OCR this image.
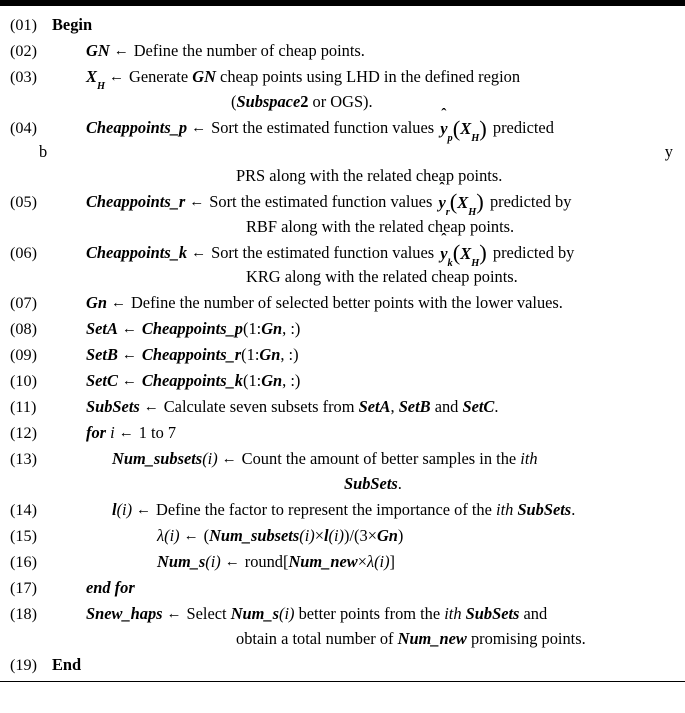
(01) Begin
(02)	GN ← Define the number of cheap points.
(03)	$X_H\leftarrow$ Generate GN cheap points using LHD in the defined region
(Subspace2 or OGS).
(04)	Cheappoints_p ← Sort the estimated function values
ˆ
$y_p(X_H)$ predicted
b	y
PRS along with the related cheap points.
(05)	Cheappoints_r ← Sort the estimated function values
ˆ
$y_r(X_H)$ predicted by
RBF along with the related cheap points.
(06)	Cheappoints_k ← Sort the estimated function values
ˆ
$y_k(X_H)$ predicted by
KRG along with the related cheap points.
(07)	Gn ← Define the number of selected better points with the lower values.
(08)	SetA ← Cheappoints_p(1:Gn, :)
(09)	SetB ← Cheappoints_r(1:Gn, :)
(10)	SetC ← Cheappoints_k(1:Gn, :)
(11)	SubSets ← Calculate seven subsets from SetA, SetB and SetC.
(12)	for i ← 1 to 7
(13)	Num_subsets(i) ← Count the amount of better samples in the ith
SubSets.
(14)	l(i) ← Define the factor to represent the importance of the ith SubSets.
(15)	λ(i) ← (Num_subsets(i)×l(i))/(3×Gn)
(16)	Num_s(i) ← round[Num_new×λ(i)]
(17)	end for
(18)	Snew_haps ← Select Num_s(i) better points from the ith SubSets and
obtain a total number of Num_new promising points.
(19) End
